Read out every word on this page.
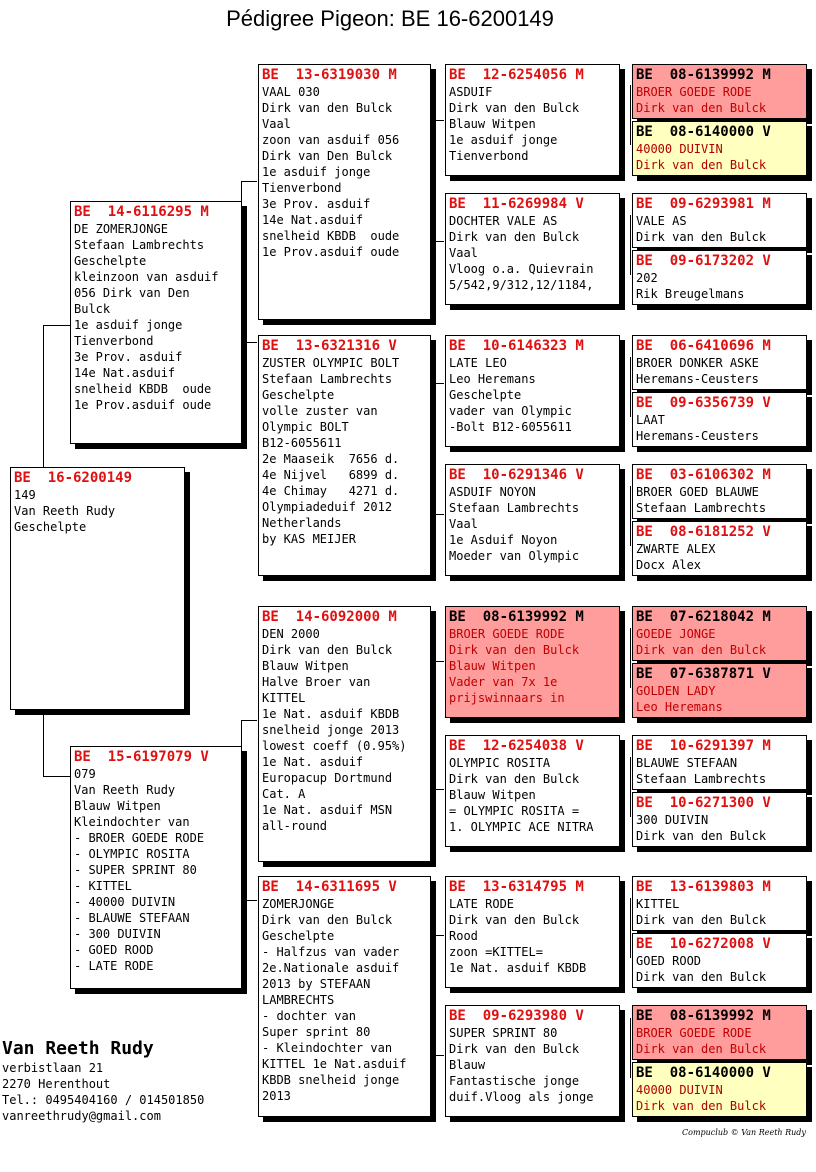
Pédigree Pigeon: BE 16-6200149
BE  16-6200149
149
Van Reeth Rudy
Geschelpte
BE  14-6116295 M
DE ZOMERJONGE
Stefaan Lambrechts
Geschelpte
kleinzoon van asduif
056 Dirk van Den
Bulck
1e asduif jonge
Tienverbond
3e Prov. asduif
14e Nat.asduif
snelheid KBDB  oude
1e Prov.asduif oude
BE  15-6197079 V
079
Van Reeth Rudy
Blauw Witpen
Kleindochter van
- BROER GOEDE RODE
- OLYMPIC ROSITA
- SUPER SPRINT 80
- KITTEL
- 40000 DUIVIN
- BLAUWE STEFAAN
- 300 DUIVIN
- GOED ROOD
- LATE RODE
BE  13-6319030 M
VAAL 030
Dirk van den Bulck
Vaal
zoon van asduif 056
Dirk van Den Bulck
1e asduif jonge
Tienverbond
3e Prov. asduif
14e Nat.asduif
snelheid KBDB  oude
1e Prov.asduif oude
BE  13-6321316 V
ZUSTER OLYMPIC BOLT
Stefaan Lambrechts
Geschelpte
volle zuster van
Olympic BOLT
B12-6055611
2e Maaseik  7656 d.
4e Nijvel   6899 d.
4e Chimay   4271 d.
Olympiadeduif 2012
Netherlands
by KAS MEIJER
BE  14-6092000 M
DEN 2000
Dirk van den Bulck
Blauw Witpen
Halve Broer van
KITTEL
1e Nat. asduif KBDB
snelheid jonge 2013
lowest coeff (0.95%)
1e Nat. asduif
Europacup Dortmund
Cat. A
1e Nat. asduif MSN
all-round
BE  14-6311695 V
ZOMERJONGE
Dirk van den Bulck
Geschelpte
- Halfzus van vader
2e.Nationale asduif
2013 by STEFAAN
LAMBRECHTS
- dochter van
Super sprint 80
- Kleindochter van
KITTEL 1e Nat.asduif
KBDB snelheid jonge
2013
BE  12-6254056 M
ASDUIF
Dirk van den Bulck
Blauw Witpen
1e asduif jonge
Tienverbond
BE  11-6269984 V
DOCHTER VALE AS
Dirk van den Bulck
Vaal
Vloog o.a. Quievrain
5/542,9/312,12/1184,
BE  10-6146323 M
LATE LEO
Leo Heremans
Geschelpte
vader van Olympic
-Bolt B12-6055611
BE  10-6291346 V
ASDUIF NOYON
Stefaan Lambrechts
Vaal
1e Asduif Noyon
Moeder van Olympic
BE  08-6139992 M
BROER GOEDE RODE
Dirk van den Bulck
Blauw Witpen
Vader van 7x 1e
prijswinnaars in
BE  12-6254038 V
OLYMPIC ROSITA
Dirk van den Bulck
Blauw Witpen
= OLYMPIC ROSITA =
1. OLYMPIC ACE NITRA
BE  13-6314795 M
LATE RODE
Dirk van den Bulck
Rood
zoon =KITTEL=
1e Nat. asduif KBDB
BE  09-6293980 V
SUPER SPRINT 80
Dirk van den Bulck
Blauw
Fantastische jonge
duif.Vloog als jonge
BE  08-6139992 M
BROER GOEDE RODE
Dirk van den Bulck
BE  08-6140000 V
40000 DUIVIN
Dirk van den Bulck
BE  09-6293981 M
VALE AS
Dirk van den Bulck
BE  09-6173202 V
202
Rik Breugelmans
BE  06-6410696 M
BROER DONKER ASKE
Heremans-Ceusters
BE  09-6356739 V
LAAT
Heremans-Ceusters
BE  03-6106302 M
BROER GOED BLAUWE
Stefaan Lambrechts
BE  08-6181252 V
ZWARTE ALEX
Docx Alex
BE  07-6218042 M
GOEDE JONGE
Dirk van den Bulck
BE  07-6387871 V
GOLDEN LADY
Leo Heremans
BE  10-6291397 M
BLAUWE STEFAAN
Stefaan Lambrechts
BE  10-6271300 V
300 DUIVIN
Dirk van den Bulck
BE  13-6139803 M
KITTEL
Dirk van den Bulck
BE  10-6272008 V
GOED ROOD
Dirk van den Bulck
BE  08-6139992 M
BROER GOEDE RODE
Dirk van den Bulck
BE  08-6140000 V
40000 DUIVIN
Dirk van den Bulck
Van Reeth Rudy
verbistlaan 21
2270 Herenthout
Tel.: 0495404160 / 014501850
vanreethrudy@gmail.com
Compuclub © Van Reeth Rudy
